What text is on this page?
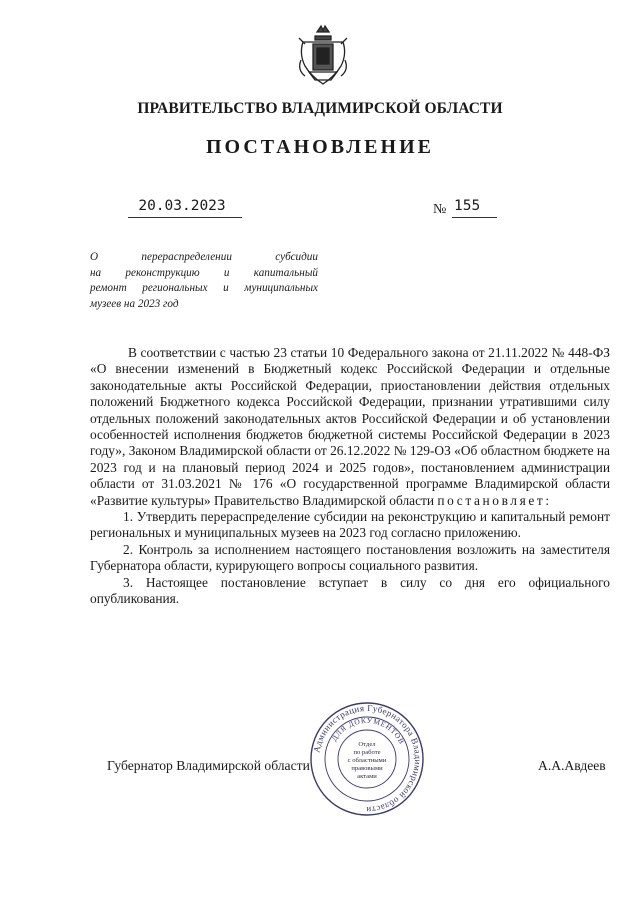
ПРАВИТЕЛЬСТВО ВЛАДИМИРСКОЙ ОБЛАСТИ
ПОСТАНОВЛЕНИЕ
20.03.2023	№ 155
О перераспределении субсидии
на реконструкцию и капитальный
ремонт региональных и муниципальных
музеев на 2023 год

В соответствии с частью 23 статьи 10 Федерального закона от 21.11.2022 № 448-ФЗ «О внесении изменений в Бюджетный кодекс Российской Федерации и отдельные законодательные акты Российской Федерации, приостановлении действия отдельных положений Бюджетного кодекса Российской Федерации, признании утратившими силу отдельных положений законодательных актов Российской Федерации и об установлении особенностей исполнения бюджетов бюджетной системы Российской Федерации в 2023 году», Законом Владимирской области от 26.12.2022 № 129-ОЗ «Об областном бюджете на 2023 год и на плановый период 2024 и 2025 годов», постановлением администрации области от 31.03.2021 № 176 «О государственной программе Владимирской области «Развитие культуры» Правительство Владимирской области постановляет:

1. Утвердить перераспределение субсидии на реконструкцию и капитальный ремонт региональных и муниципальных музеев на 2023 год согласно приложению.

2. Контроль за исполнением настоящего постановления возложить на заместителя Губернатора области, курирующего вопросы социального развития.

3. Настоящее постановление вступает в силу со дня его официального опубликования.

Губернатор Владимирской области	А.А.Авдеев
Администрация Губернатора Владимирской области
ДЛЯ ДОКУМЕНТОВ
Отдел
по работе
с областными
правовыми
актами
